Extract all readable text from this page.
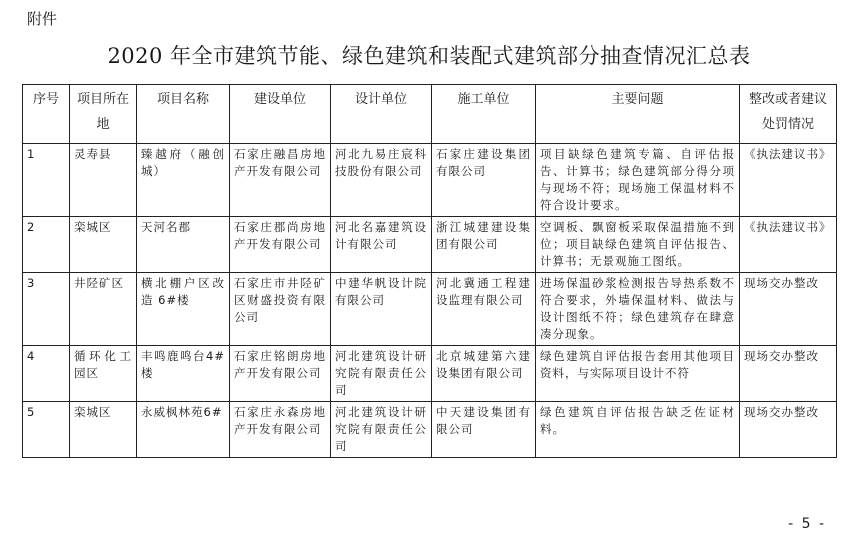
附件
2020 年全市建筑节能、绿色建筑和装配式建筑部分抽查情况汇总表
序号	项目所在地	项目名称	建设单位	设计单位	施工单位	主要问题	整改或者建议处罚情况
1	灵寿县	臻越府（融创城）	石家庄融昌房地产开发有限公司	河北九易庄宸科技股份有限公司	石家庄建设集团有限公司	项目缺绿色建筑专篇、自评估报告、计算书；绿色建筑部分得分项与现场不符；现场施工保温材料不符合设计要求。	《执法建议书》
2	栾城区	天河名郡	石家庄郡尚房地产开发有限公司	河北名嘉建筑设计有限公司	浙江城建建设集团有限公司	空调板、飘窗板采取保温措施不到位；项目缺绿色建筑自评估报告、计算书；无景观施工图纸。	《执法建议书》
3	井陉矿区	横北棚户区改造 6#楼	石家庄市井陉矿区财盛投资有限公司	中建华帆设计院有限公司	河北冀通工程建设监理有限公司	进场保温砂浆检测报告导热系数不符合要求，外墙保温材料、做法与设计图纸不符；绿色建筑存在肆意凑分现象。	现场交办整改
4	循环化工园区	丰鸣鹿鸣台4#楼	石家庄铭朗房地产开发有限公司	河北建筑设计研究院有限责任公司	北京城建第六建设集团有限公司	绿色建筑自评估报告套用其他项目资料，与实际项目设计不符	现场交办整改
5	栾城区	永威枫林苑6#	石家庄永森房地产开发有限公司	河北建筑设计研究院有限责任公司	中天建设集团有限公司	绿色建筑自评估报告缺乏佐证材料。	现场交办整改
- 5 -
